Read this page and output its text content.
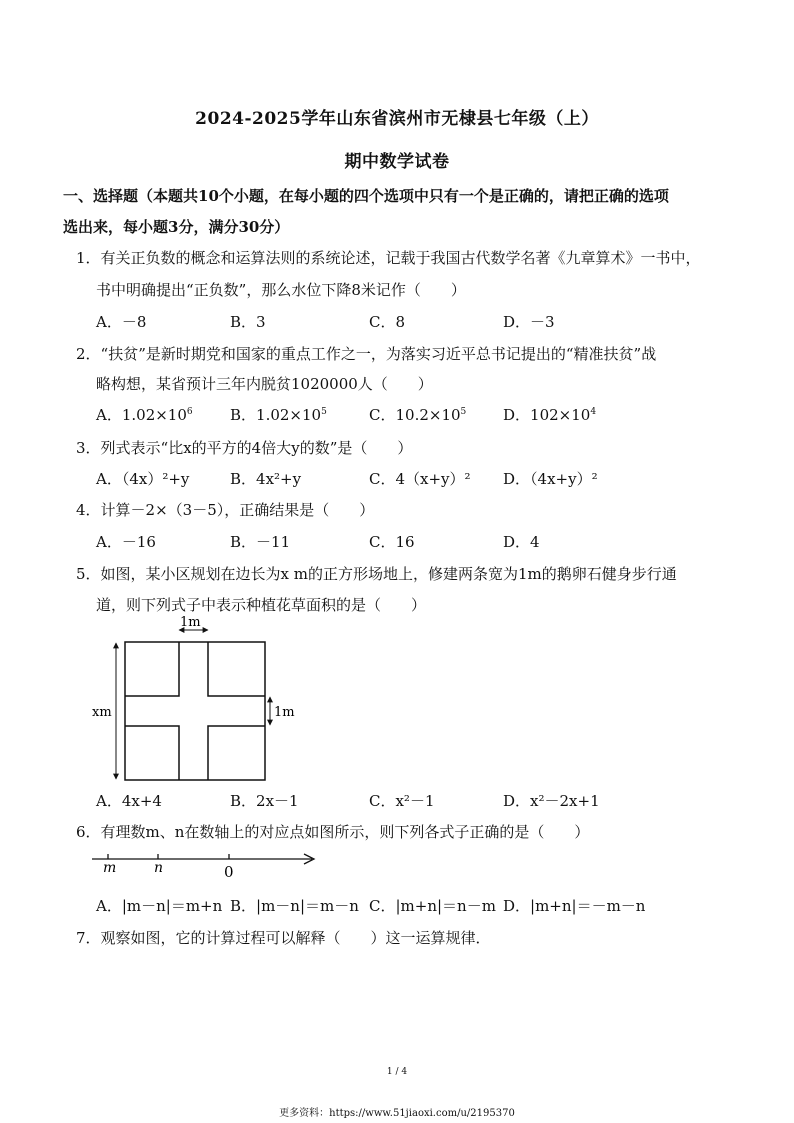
2024-2025学年山东省滨州市无棣县七年级（上）
期中数学试卷
一、选择题（本题共10个小题，在每小题的四个选项中只有一个是正确的，请把正确的选项
选出来，每小题3分，满分30分）
1．有关正负数的概念和运算法则的系统论述，记载于我国古代数学名著《九章算术》一书中，
书中明确提出“正负数”，那么水位下降8米记作（　　）
A．－8	B．3	C．8	D．－3
2．“扶贫”是新时期党和国家的重点工作之一，为落实习近平总书记提出的“精准扶贫”战
略构想，某省预计三年内脱贫1020000人（　　）
A．$1.02\times 10^6$ B．$1.02\times 10^5$	C．$10.2\times 10^5$ D．$102\times 10^4$
3．列式表示“比x的平方的4倍大y的数”是（　　）
A．（4x）²+y	B．4x²+y	C．4（x+y）² D．（4x+y）²
4．计算－2×（3－5），正确结果是（　　）
A．－16	B．－11	C．16	D．4
5．如图，某小区规划在边长为x m的正方形场地上，修建两条宽为1m的鹅卵石健身步行通
道，则下列式子中表示种植花草面积的是（　　）
1m
xm	1m
A．4x+4	B．2x－1	C．x²－1	D．x²－2x+1
6．有理数m、n在数轴上的对应点如图所示，则下列各式子正确的是（　　）
m	n	0
A．|m－n|＝m+n B．|m－n|＝m－n C．|m+n|＝n－m D．|m+n|＝－m－n
7．观察如图，它的计算过程可以解释（　　）这一运算规律．
1 / 4
更多资料：https://www.51jiaoxi.com/u/2195370
